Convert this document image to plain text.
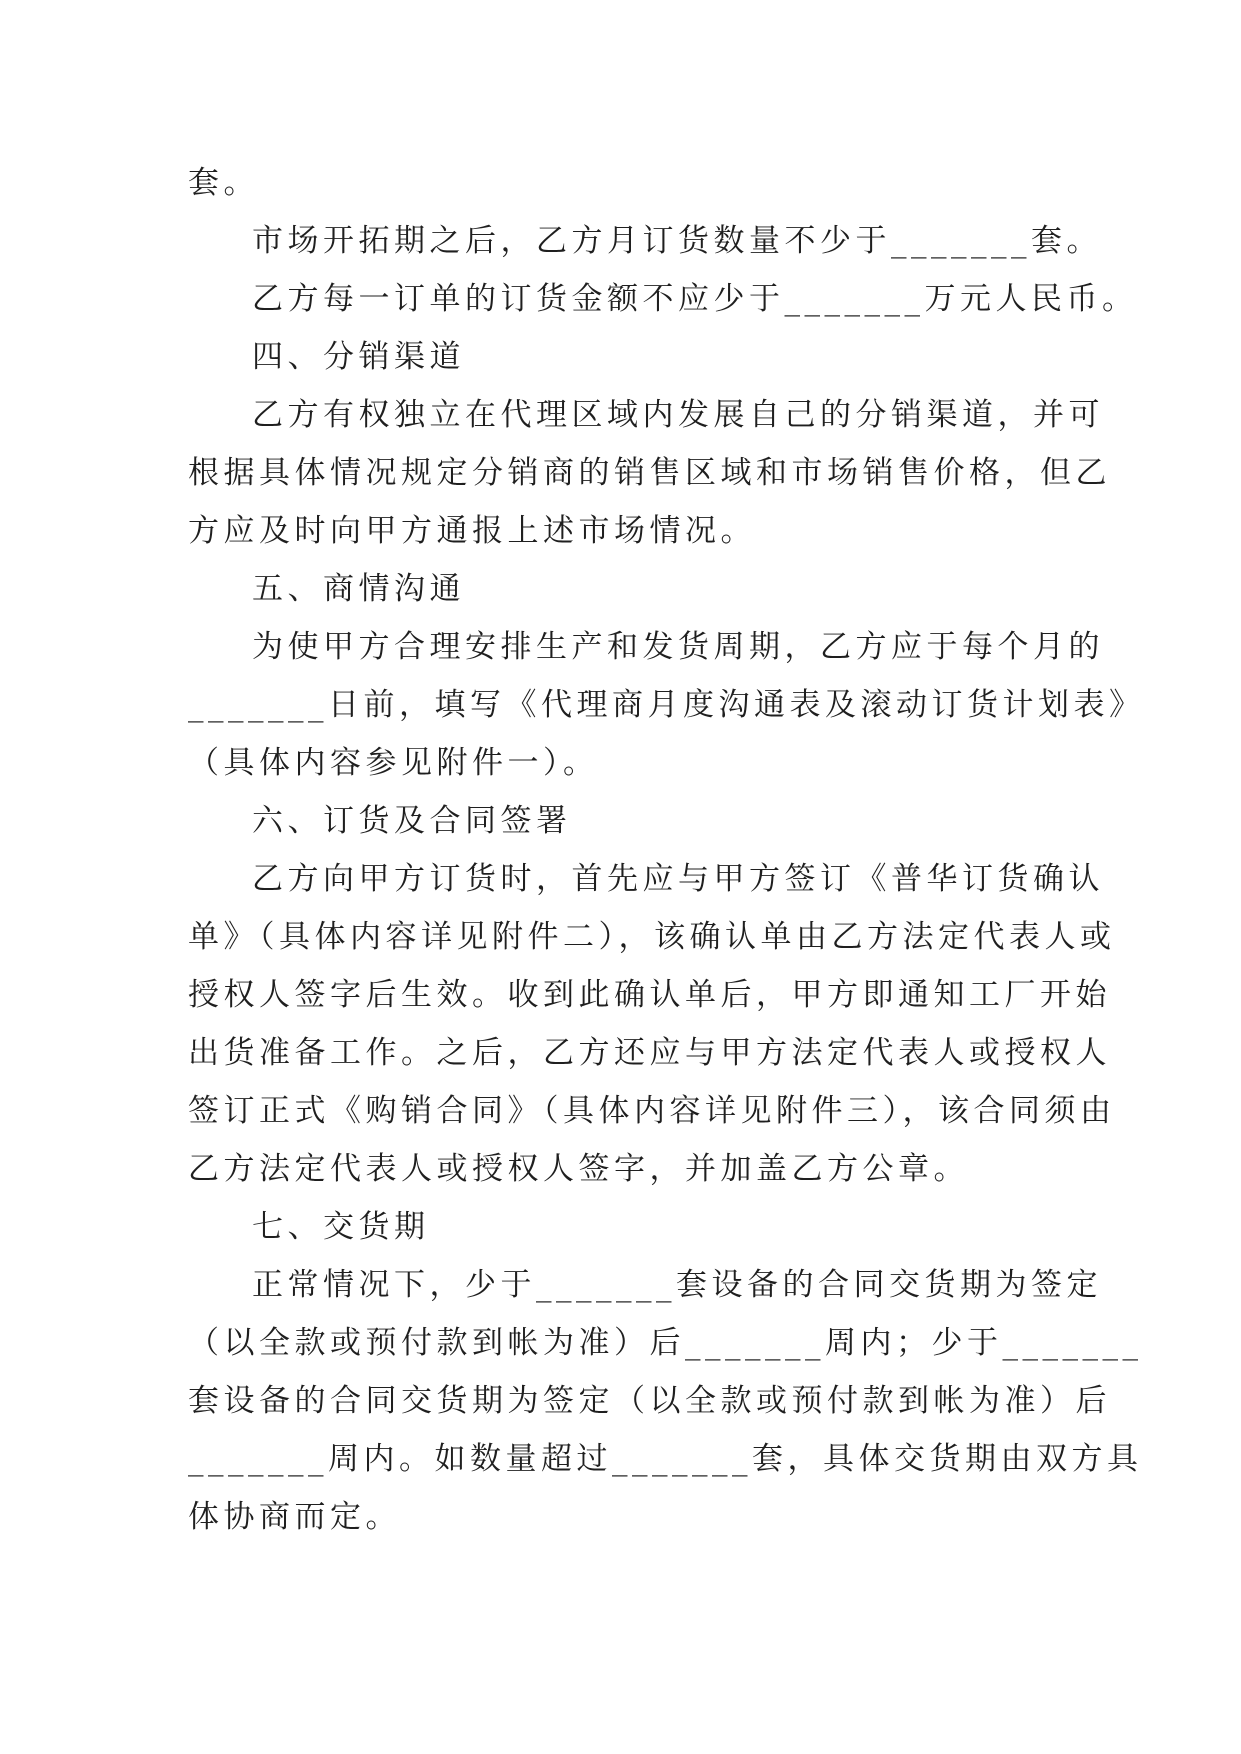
套。
市场开拓期之后，乙方月订货数量不少于_______套。
乙方每一订单的订货金额不应少于_______万元人民币。
四、分销渠道
乙方有权独立在代理区域内发展自己的分销渠道，并可
根据具体情况规定分销商的销售区域和市场销售价格，但乙
方应及时向甲方通报上述市场情况。
五、商情沟通
为使甲方合理安排生产和发货周期，乙方应于每个月的
_______日前，填写《代理商月度沟通表及滚动订货计划表》
（具体内容参见附件一）。
六、订货及合同签署
乙方向甲方订货时，首先应与甲方签订《普华订货确认
单》（具体内容详见附件二），该确认单由乙方法定代表人或
授权人签字后生效。收到此确认单后，甲方即通知工厂开始
出货准备工作。之后，乙方还应与甲方法定代表人或授权人
签订正式《购销合同》（具体内容详见附件三），该合同须由
乙方法定代表人或授权人签字，并加盖乙方公章。
七、交货期
正常情况下，少于_______套设备的合同交货期为签定
（以全款或预付款到帐为准）后_______周内；少于_______
套设备的合同交货期为签定（以全款或预付款到帐为准）后
_______周内。如数量超过_______套，具体交货期由双方具
体协商而定。
